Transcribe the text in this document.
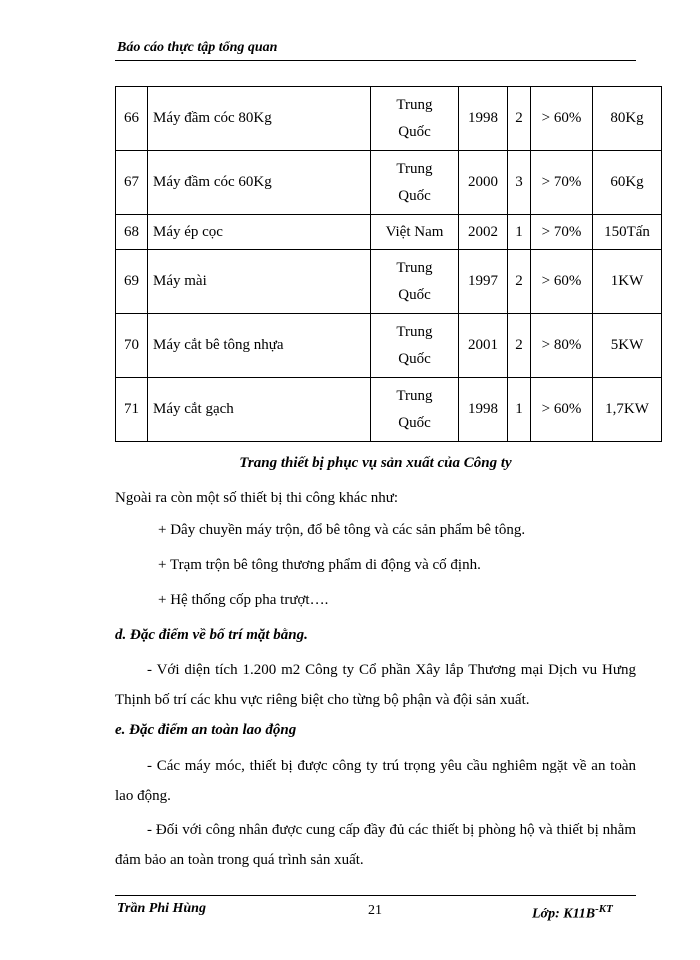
Báo cáo thực tập tổng quan
66	Máy đầm cóc 80Kg	Trung
Quốc	1998	2	> 60%	80Kg
67	Máy đầm cóc 60Kg	Trung
Quốc	2000	3	> 70%	60Kg
68	Máy ép cọc	Việt Nam	2002	1	> 70%	150Tấn
69	Máy mài	Trung
Quốc	1997	2	> 60%	1KW
70	Máy cắt bê tông nhựa	Trung
Quốc	2001	2	> 80%	5KW
71	Máy cắt gạch	Trung
Quốc	1998	1	> 60%	1,7KW
Trang thiết bị phục vụ sản xuất của Công ty
Ngoài ra còn một số thiết bị thi công khác như:
+ Dây chuyền máy trộn, đổ bê tông và các sản phẩm bê tông.
+ Trạm trộn bê tông thương phẩm di động và cố định.
+ Hệ thống cốp pha trượt….
d. Đặc điểm về bố trí mặt bằng.
- Với diện tích 1.200 m2 Công ty Cổ phần Xây lắp Thương mại Dịch vu Hưng Thịnh bố trí các khu vực riêng biệt cho từng bộ phận và đội sản xuất.
e. Đặc điểm an toàn lao động
- Các máy móc, thiết bị được công ty trú trọng yêu cầu nghiêm ngặt về an toàn lao động.
- Đối với công nhân được cung cấp đầy đủ các thiết bị phòng hộ và thiết bị nhằm đảm bảo an toàn trong quá trình sản xuất.
Trần Phi Hùng	21	Lớp: $K11B^{-KT}$
